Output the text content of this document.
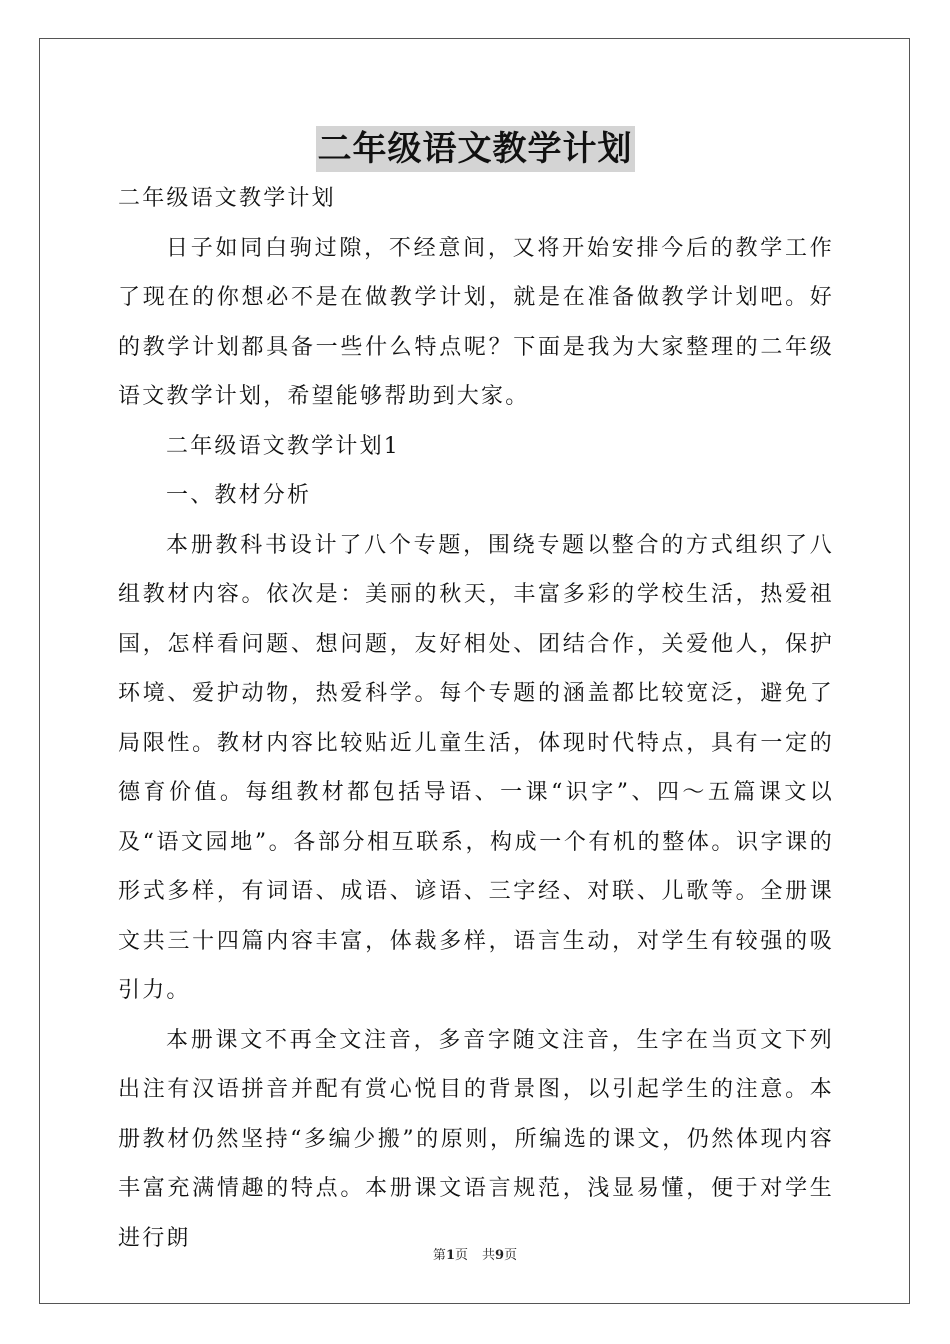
二年级语文教学计划

二年级语文教学计划

日子如同白驹过隙，不经意间，又将开始安排今后的教学工作了现在的你想必不是在做教学计划，就是在准备做教学计划吧。好的教学计划都具备一些什么特点呢？下面是我为大家整理的二年级语文教学计划，希望能够帮助到大家。

二年级语文教学计划1

一、教材分析

本册教科书设计了八个专题，围绕专题以整合的方式组织了八组教材内容。依次是：美丽的秋天，丰富多彩的学校生活，热爱祖国，怎样看问题、想问题，友好相处、团结合作，关爱他人，保护环境、爱护动物，热爱科学。每个专题的涵盖都比较宽泛，避免了局限性。教材内容比较贴近儿童生活，体现时代特点，具有一定的德育价值。每组教材都包括导语、一课“识字”、四～五篇课文以及“语文园地”。各部分相互联系，构成一个有机的整体。识字课的形式多样，有词语、成语、谚语、三字经、对联、儿歌等。全册课文共三十四篇内容丰富，体裁多样，语言生动，对学生有较强的吸引力。

本册课文不再全文注音，多音字随文注音，生字在当页文下列出注有汉语拼音并配有赏心悦目的背景图，以引起学生的注意。本册教材仍然坚持“多编少搬”的原则，所编选的课文，仍然体现内容丰富充满情趣的特点。本册课文语言规范，浅显易懂，便于对学生进行朗

第1页 共9页
